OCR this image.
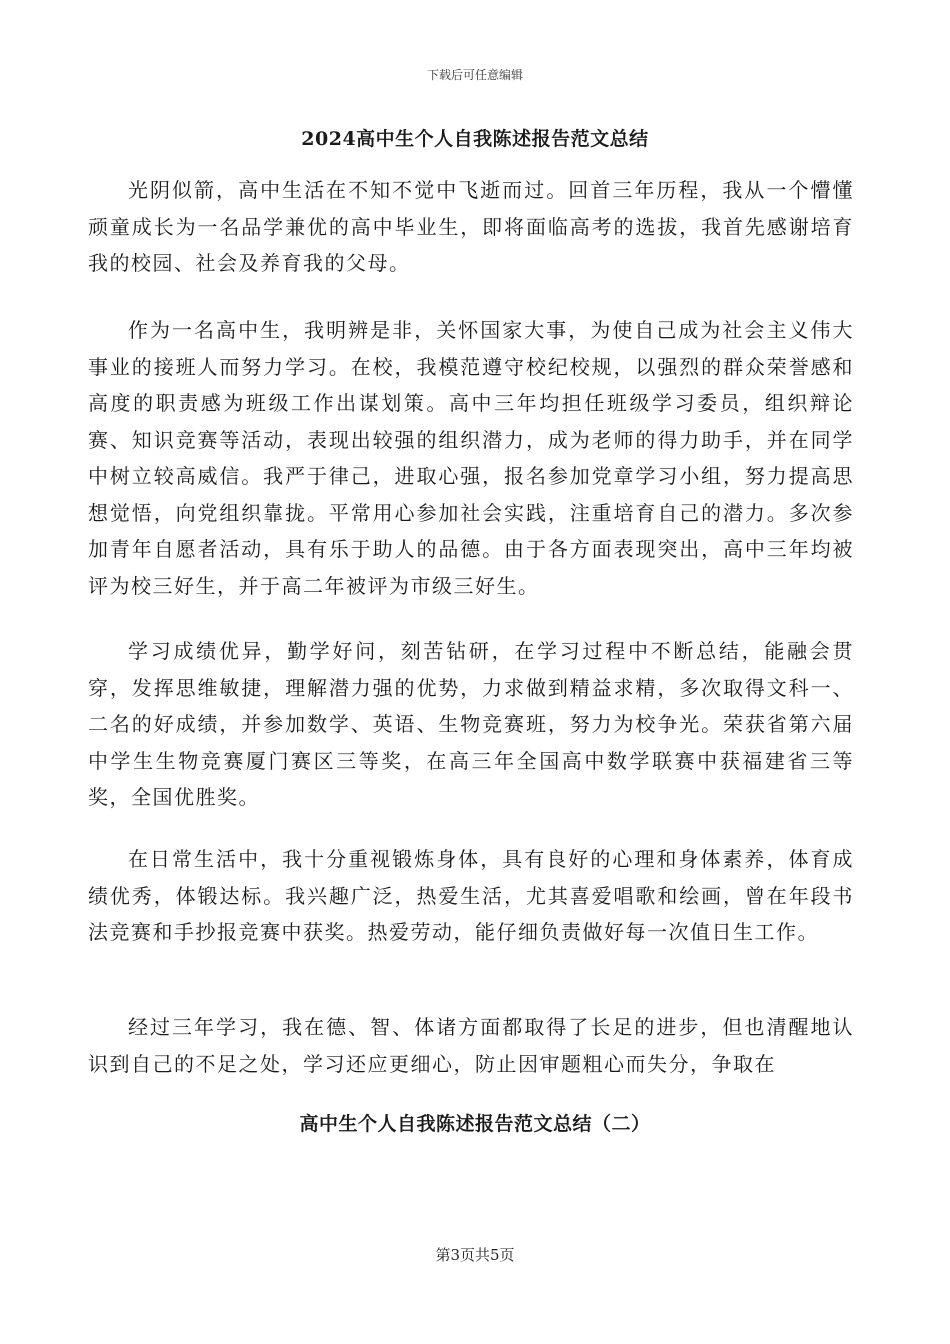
下载后可任意编辑
2024高中生个人自我陈述报告范文总结

光阴似箭，高中生活在不知不觉中飞逝而过。回首三年历程，我从一个懵懂顽童成长为一名品学兼优的高中毕业生，即将面临高考的选拔，我首先感谢培育我的校园、社会及养育我的父母。

作为一名高中生，我明辨是非，关怀国家大事，为使自己成为社会主义伟大事业的接班人而努力学习。在校，我模范遵守校纪校规，以强烈的群众荣誉感和高度的职责感为班级工作出谋划策。高中三年均担任班级学习委员，组织辩论赛、知识竞赛等活动，表现出较强的组织潜力，成为老师的得力助手，并在同学中树立较高威信。我严于律己，进取心强，报名参加党章学习小组，努力提高思想觉悟，向党组织靠拢。平常用心参加社会实践，注重培育自己的潜力。多次参加青年自愿者活动，具有乐于助人的品德。由于各方面表现突出，高中三年均被评为校三好生，并于高二年被评为市级三好生。

学习成绩优异，勤学好问，刻苦钻研，在学习过程中不断总结，能融会贯穿，发挥思维敏捷，理解潜力强的优势，力求做到精益求精，多次取得文科一、二名的好成绩，并参加数学、英语、生物竞赛班，努力为校争光。荣获省第六届中学生生物竞赛厦门赛区三等奖，在高三年全国高中数学联赛中获福建省三等奖，全国优胜奖。

在日常生活中，我十分重视锻炼身体，具有良好的心理和身体素养，体育成绩优秀，体锻达标。我兴趣广泛，热爱生活，尤其喜爱唱歌和绘画，曾在年段书法竞赛和手抄报竞赛中获奖。热爱劳动，能仔细负责做好每一次值日生工作。

经过三年学习，我在德、智、体诸方面都取得了长足的进步，但也清醒地认识到自己的不足之处，学习还应更细心，防止因审题粗心而失分，争取在

高中生个人自我陈述报告范文总结（二）
第3页共5页
